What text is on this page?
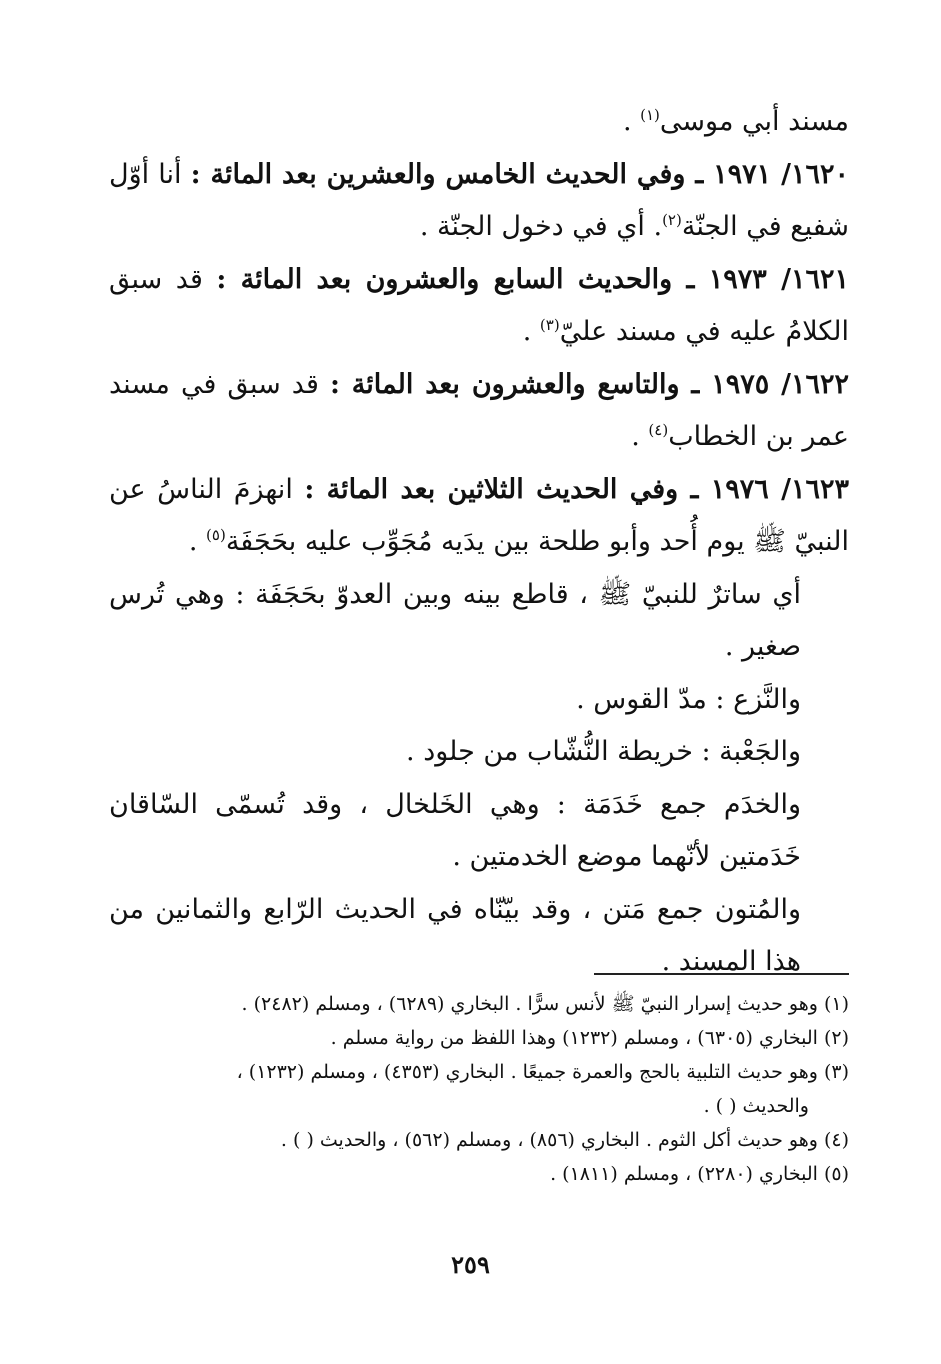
مسند أبي موسى$^{(١)}$ .

١٦٢٠/ ١٩٧١ ـ وفي الحديث الخامس والعشرين بعد المائة : أنا أوّل شفيع في الجنّة$^{(٢)}$. أي في دخول الجنّة .

١٦٢١/ ١٩٧٣ ـ والحديث السابع والعشرون بعد المائة : قد سبق الكلامُ عليه في مسند عليّ$^{(٣)}$ .

١٦٢٢/ ١٩٧٥ ـ والتاسع والعشرون بعد المائة : قد سبق في مسند عمر بن الخطاب$^{(٤)}$ .

١٦٢٣/ ١٩٧٦ ـ وفي الحديث الثلاثين بعد المائة : انهزمَ الناسُ عن النبيّ ﷺ يوم أُحد وأبو طلحة بين يدَيه مُجَوِّب عليه بحَجَفَة$^{(٥)}$ .

أي ساترٌ للنبيّ ﷺ ، قاطع بينه وبين العدوّ بحَجَفَة : وهي تُرس صغير .

والنَّزع : مدّ القوس .

والجَعْبة : خريطة النُّشّاب من جلود .

والخدَم جمع خَدَمَة : وهي الخَلخال ، وقد تُسمّى السّاقان خَدَمتين لأنّهما موضع الخدمتين .

والمُتون جمع مَتن ، وقد بيّنّاه في الحديث الرّابع والثمانين من هذا المسند .

(١) وهو حديث إسرار النبيّ ﷺ لأنس سرًّا . البخاري (٦٢٨٩) ، ومسلم (٢٤٨٢) .

(٢) البخاري (٦٣٠٥) ، ومسلم (١٢٣٢) وهذا اللفظ من رواية مسلم .

(٣) وهو حديث التلبية بالحج والعمرة جميعًا . البخاري (٤٣٥٣) ، ومسلم (١٢٣٢) ،

والحديث ( ) .

(٤) وهو حديث أكل الثوم . البخاري (٨٥٦) ، ومسلم (٥٦٢) ، والحديث ( ) .

(٥) البخاري (٢٢٨٠) ، ومسلم (١٨١١) .

٢٥٩
